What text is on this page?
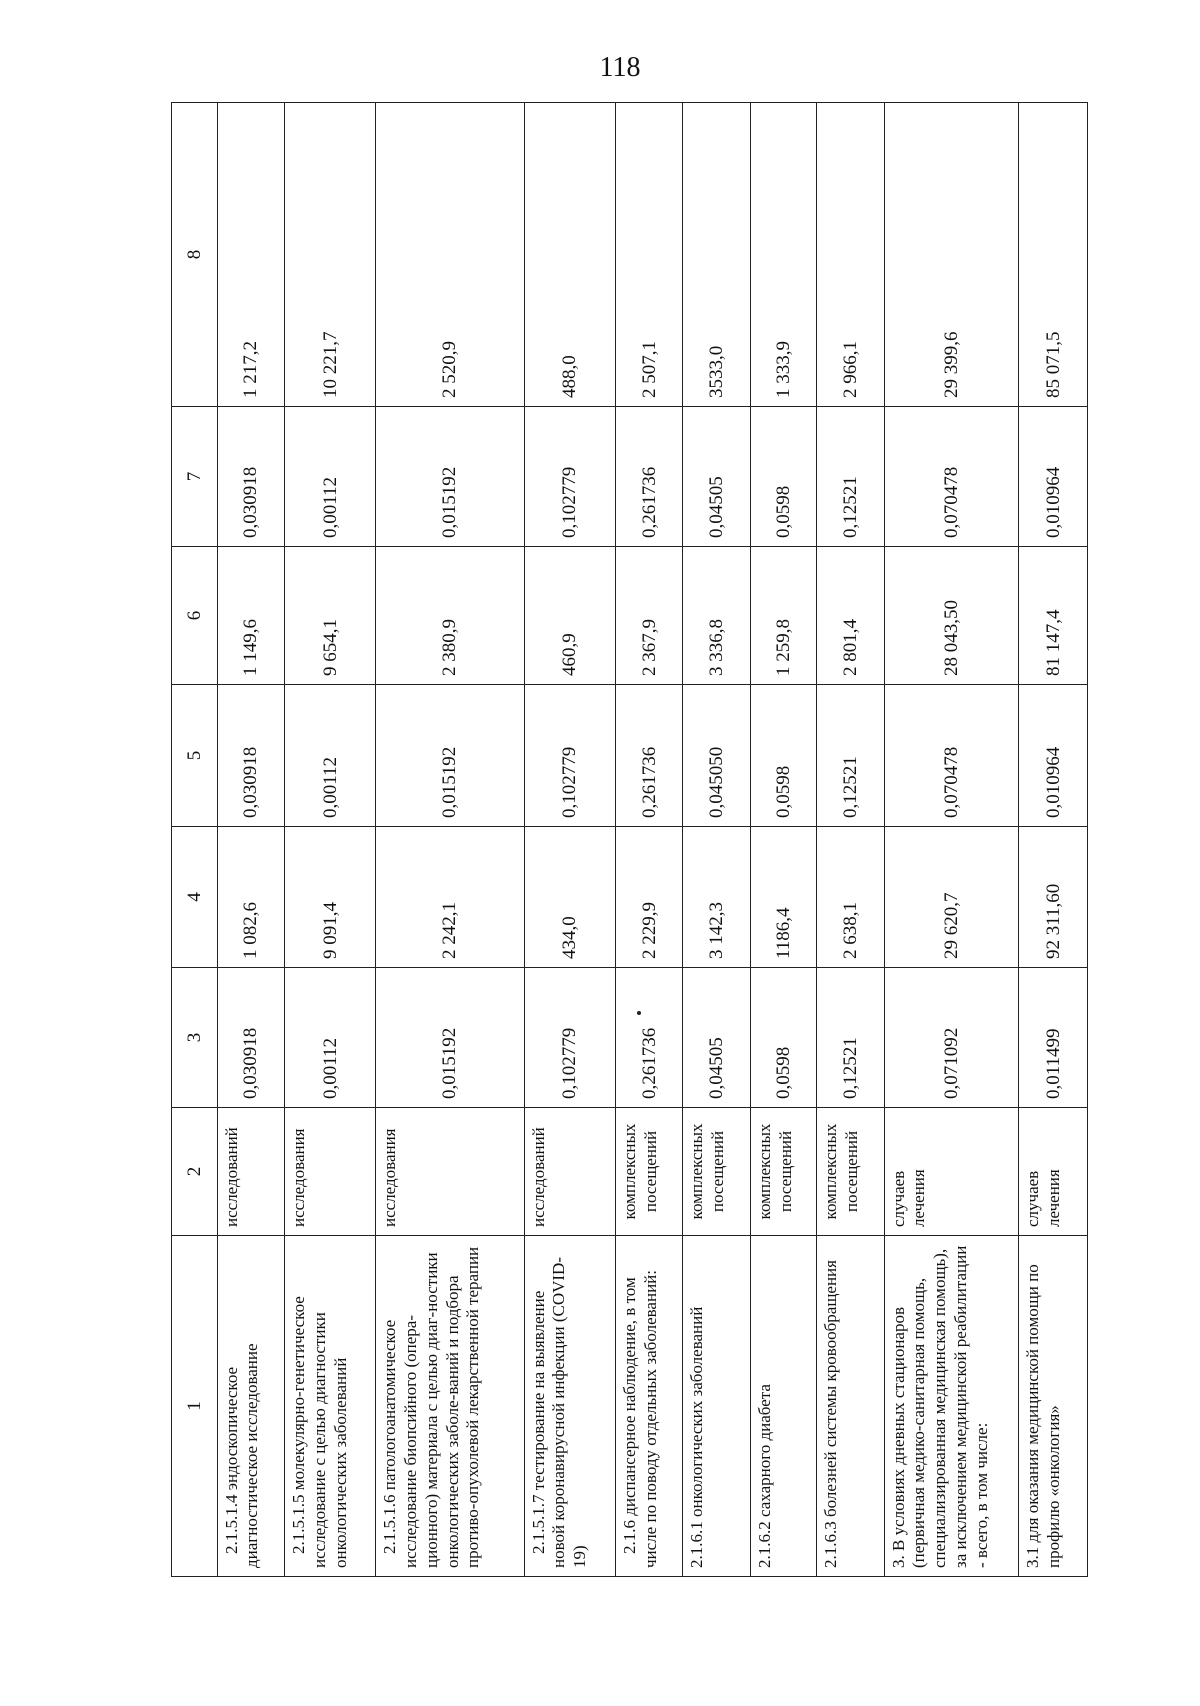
118
1	2	3	4	5	6	7	8
2.1.5.1.4 эндоскопическое диагностическое исследование	исследований	0,030918	1 082,6	0,030918	1 149,6	0,030918	1 217,2
2.1.5.1.5 молекулярно-генетическое исследование с целью диагностики онкологических заболеваний	исследования	0,00112	9 091,4	0,00112	9 654,1	0,00112	10 221,7
2.1.5.1.6 патологоанатомическое исследование биопсийного (опера-ционного) материала с целью диаг-ностики онкологических заболе-ваний и подбора противо-опухолевой лекарственной терапии	исследования	0,015192	2 242,1	0,015192	2 380,9	0,015192	2 520,9
2.1.5.1.7 тестирование на выявление новой коронавирусной инфекции (COVID-19)	исследований	0,102779	434,0	0,102779	460,9	0,102779	488,0
2.1.6 диспансерное наблюдение, в том числе по поводу отдельных заболеваний:	комплексных посещений	0,261736	2 229,9	0,261736	2 367,9	0,261736	2 507,1
2.1.6.1 онкологических заболеваний	комплексных посещений	0,04505	3 142,3	0,045050	3 336,8	0,04505	3533,0
2.1.6.2 сахарного диабета	комплексных посещений	0,0598	1186,4	0,0598	1 259,8	0,0598	1 333,9
2.1.6.3 болезней системы кровообращения	комплексных посещений	0,12521	2 638,1	0,12521	2 801,4	0,12521	2 966,1
3. В условиях дневных стационаров (первичная медико-санитарная помощь, специализированная медицинская помощь), за исключением медицинской реабилитации - всего, в том числе:	случаев лечения	0,071092	29 620,7	0,070478	28 043,50	0,070478	29 399,6
3.1 для оказания медицинской помощи по профилю «онкология»	случаев лечения	0,011499	92 311,60	0,010964	81 147,4	0,010964	85 071,5
